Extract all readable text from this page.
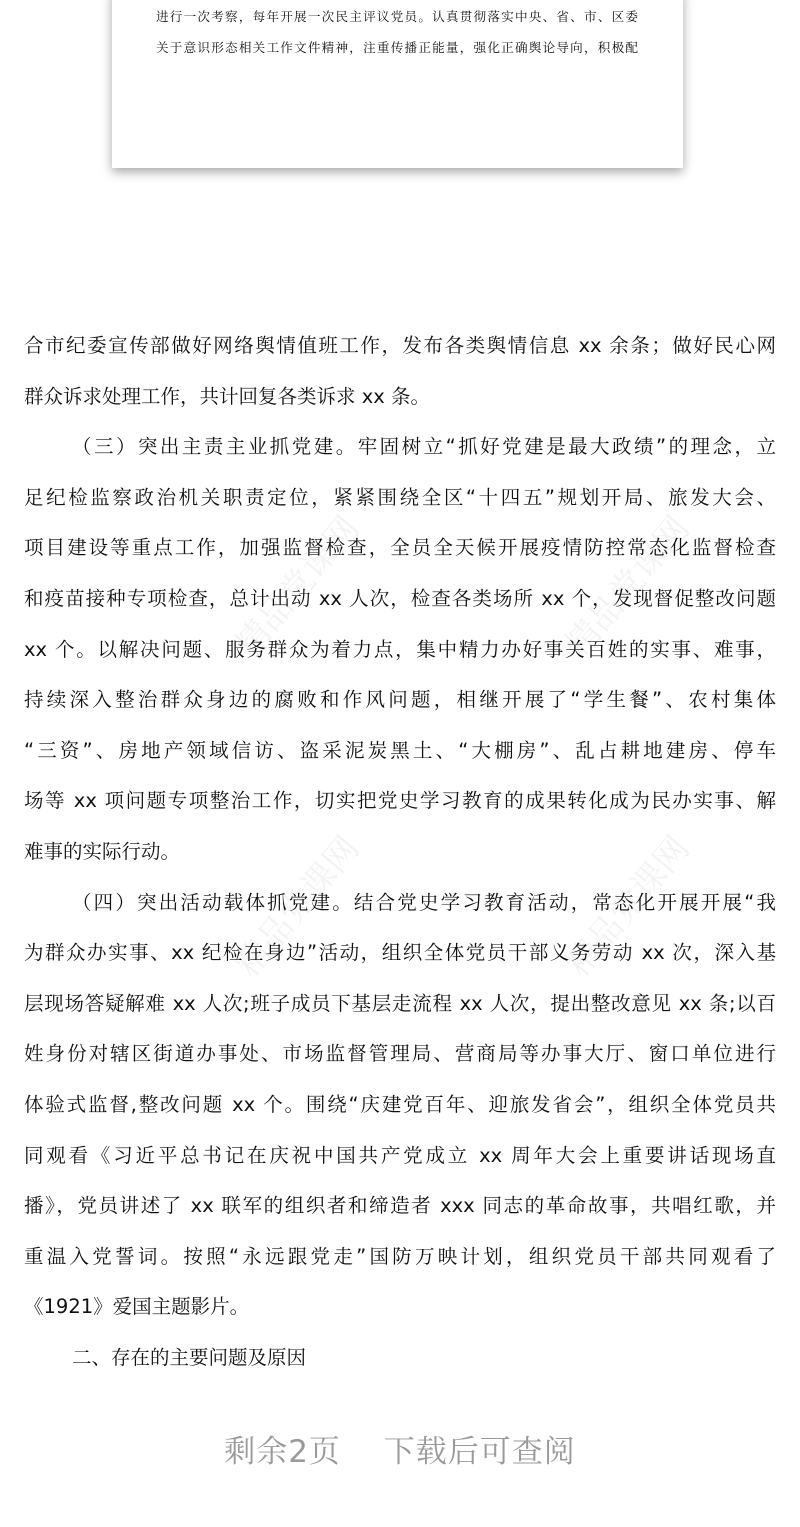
进行一次考察，每年开展一次民主评议党员。认真贯彻落实中央、省、市、区委
关于意识形态相关工作文件精神，注重传播正能量，强化正确舆论导向，积极配
精品党课网	精品党课网
精品党课网	精品党课网
合市纪委宣传部做好网络舆情值班工作，发布各类舆情信息 xx 余条；做好民心网
群众诉求处理工作，共计回复各类诉求 xx 条。
（三）突出主责主业抓党建。牢固树立“抓好党建是最大政绩”的理念，立
足纪检监察政治机关职责定位，紧紧围绕全区“十四五”规划开局、旅发大会、
项目建设等重点工作，加强监督检查，全员全天候开展疫情防控常态化监督检查
和疫苗接种专项检查，总计出动 xx 人次，检查各类场所 xx 个，发现督促整改问题
xx 个。以解决问题、服务群众为着力点，集中精力办好事关百姓的实事、难事，
持续深入整治群众身边的腐败和作风问题，相继开展了“学生餐”、农村集体
“三资”、房地产领域信访、盗采泥炭黑土、“大棚房”、乱占耕地建房、停车
场等 xx 项问题专项整治工作，切实把党史学习教育的成果转化成为民办实事、解
难事的实际行动。
（四）突出活动载体抓党建。结合党史学习教育活动，常态化开展开展“我
为群众办实事、xx 纪检在身边”活动，组织全体党员干部义务劳动 xx 次，深入基
层现场答疑解难 xx 人次;班子成员下基层走流程 xx 人次，提出整改意见 xx 条;以百
姓身份对辖区街道办事处、市场监督管理局、营商局等办事大厅、窗口单位进行
体验式监督,整改问题 xx 个。围绕“庆建党百年、迎旅发省会”，组织全体党员共
同观看《习近平总书记在庆祝中国共产党成立 xx 周年大会上重要讲话现场直
播》，党员讲述了 xx 联军的组织者和缔造者 xxx 同志的革命故事，共唱红歌，并
重温入党誓词。按照“永远跟党走”国防万映计划，组织党员干部共同观看了
《1921》爱国主题影片。
二、存在的主要问题及原因
剩余2页 下载后可查阅
